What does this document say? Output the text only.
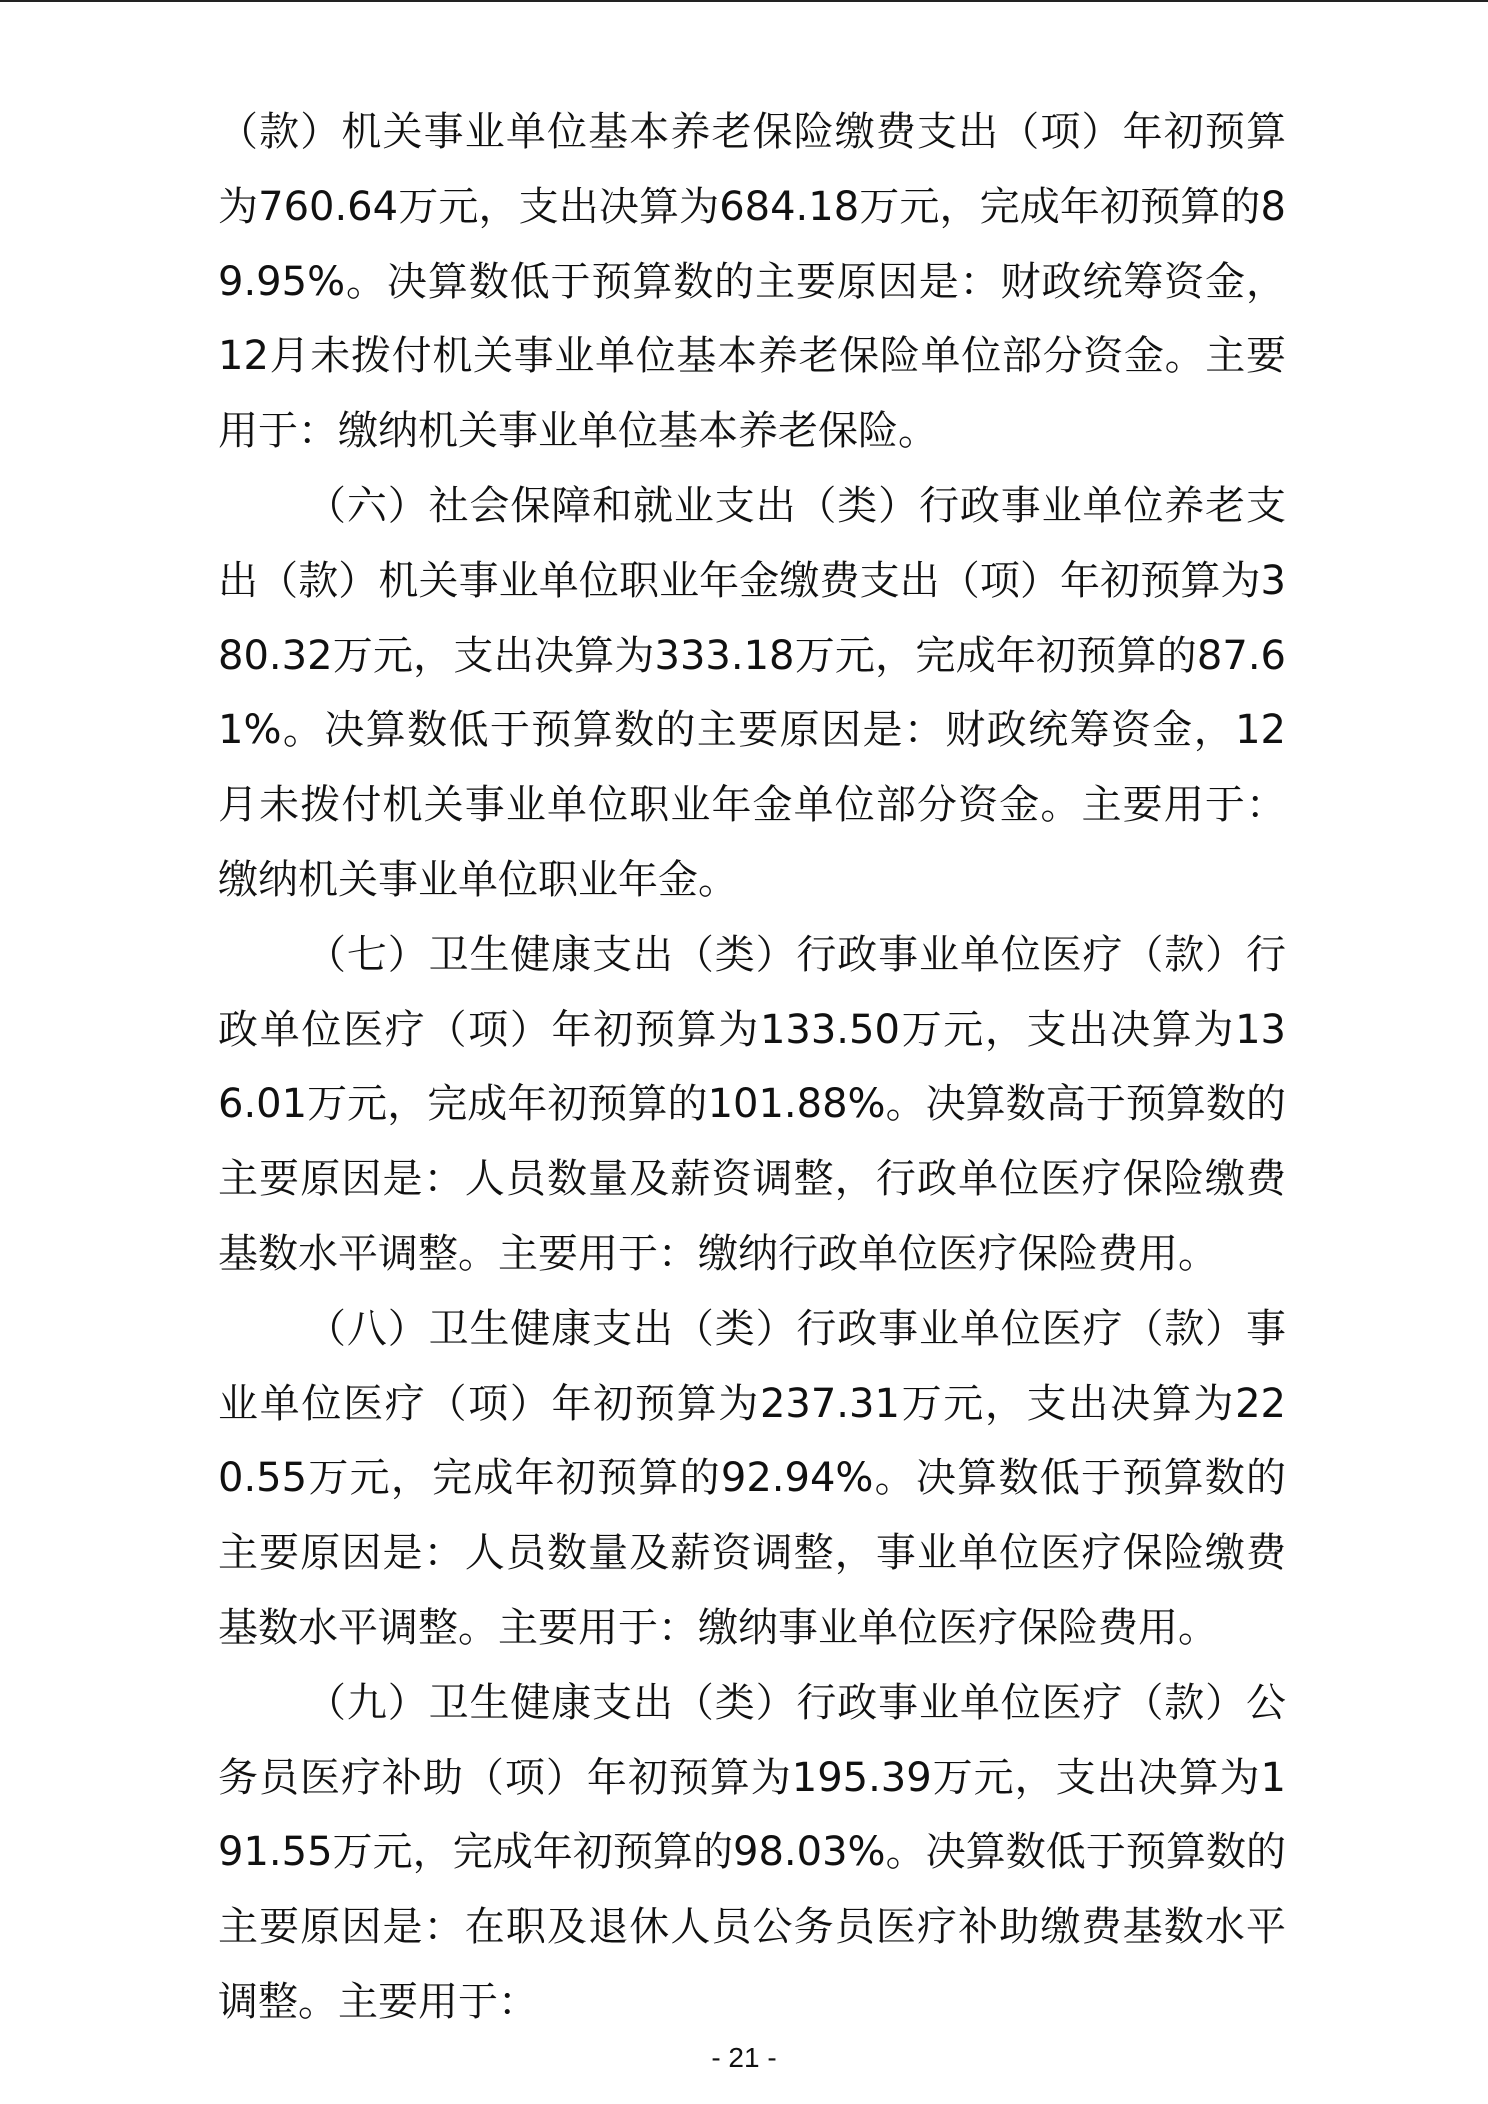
（款）机关事业单位基本养老保险缴费支出（项）年初预算为760.64万元，支出决算为684.18万元，完成年初预算的89.95%。决算数低于预算数的主要原因是：财政统筹资金，12月未拨付机关事业单位基本养老保险单位部分资金。主要用于：缴纳机关事业单位基本养老保险。

（六）社会保障和就业支出（类）行政事业单位养老支出（款）机关事业单位职业年金缴费支出（项）年初预算为380.32万元，支出决算为333.18万元，完成年初预算的87.61%。决算数低于预算数的主要原因是：财政统筹资金，12月未拨付机关事业单位职业年金单位部分资金。主要用于：缴纳机关事业单位职业年金。

（七）卫生健康支出（类）行政事业单位医疗（款）行政单位医疗（项）年初预算为133.50万元，支出决算为136.01万元，完成年初预算的101.88%。决算数高于预算数的主要原因是：人员数量及薪资调整，行政单位医疗保险缴费基数水平调整。主要用于：缴纳行政单位医疗保险费用。

（八）卫生健康支出（类）行政事业单位医疗（款）事业单位医疗（项）年初预算为237.31万元，支出决算为220.55万元，完成年初预算的92.94%。决算数低于预算数的主要原因是：人员数量及薪资调整，事业单位医疗保险缴费基数水平调整。主要用于：缴纳事业单位医疗保险费用。

（九）卫生健康支出（类）行政事业单位医疗（款）公务员医疗补助（项）年初预算为195.39万元，支出决算为191.55万元，完成年初预算的98.03%。决算数低于预算数的主要原因是：在职及退休人员公务员医疗补助缴费基数水平调整。主要用于：

- 21 -
